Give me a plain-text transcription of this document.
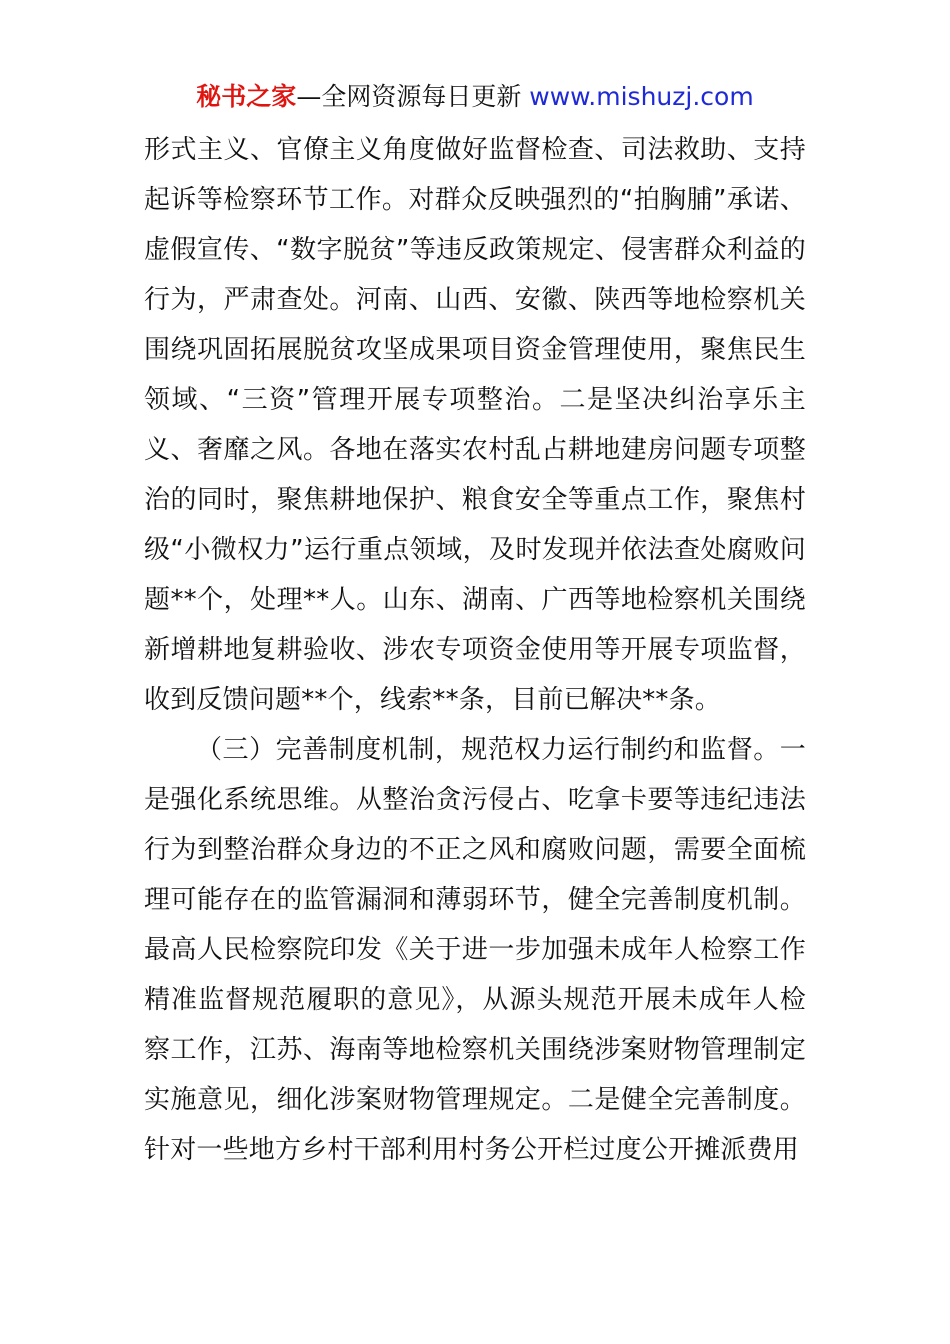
秘书之家—全网资源每日更新 www.mishuzj.com

形式主义、官僚主义角度做好监督检查、司法救助、支持起诉等检察环节工作。对群众反映强烈的“拍胸脯”承诺、虚假宣传、“数字脱贫”等违反政策规定、侵害群众利益的行为，严肃查处。河南、山西、安徽、陕西等地检察机关围绕巩固拓展脱贫攻坚成果项目资金管理使用，聚焦民生领域、“三资”管理开展专项整治。二是坚决纠治享乐主义、奢靡之风。各地在落实农村乱占耕地建房问题专项整治的同时，聚焦耕地保护、粮食安全等重点工作，聚焦村级“小微权力”运行重点领域，及时发现并依法查处腐败问题**个，处理**人。山东、湖南、广西等地检察机关围绕新增耕地复耕验收、涉农专项资金使用等开展专项监督，收到反馈问题**个，线索**条，目前已解决**条。

（三）完善制度机制，规范权力运行制约和监督。一是强化系统思维。从整治贪污侵占、吃拿卡要等违纪违法行为到整治群众身边的不正之风和腐败问题，需要全面梳理可能存在的监管漏洞和薄弱环节，健全完善制度机制。最高人民检察院印发《关于进一步加强未成年人检察工作精准监督规范履职的意见》，从源头规范开展未成年人检察工作，江苏、海南等地检察机关围绕涉案财物管理制定实施意见，细化涉案财物管理规定。二是健全完善制度。针对一些地方乡村干部利用村务公开栏过度公开摊派费用
